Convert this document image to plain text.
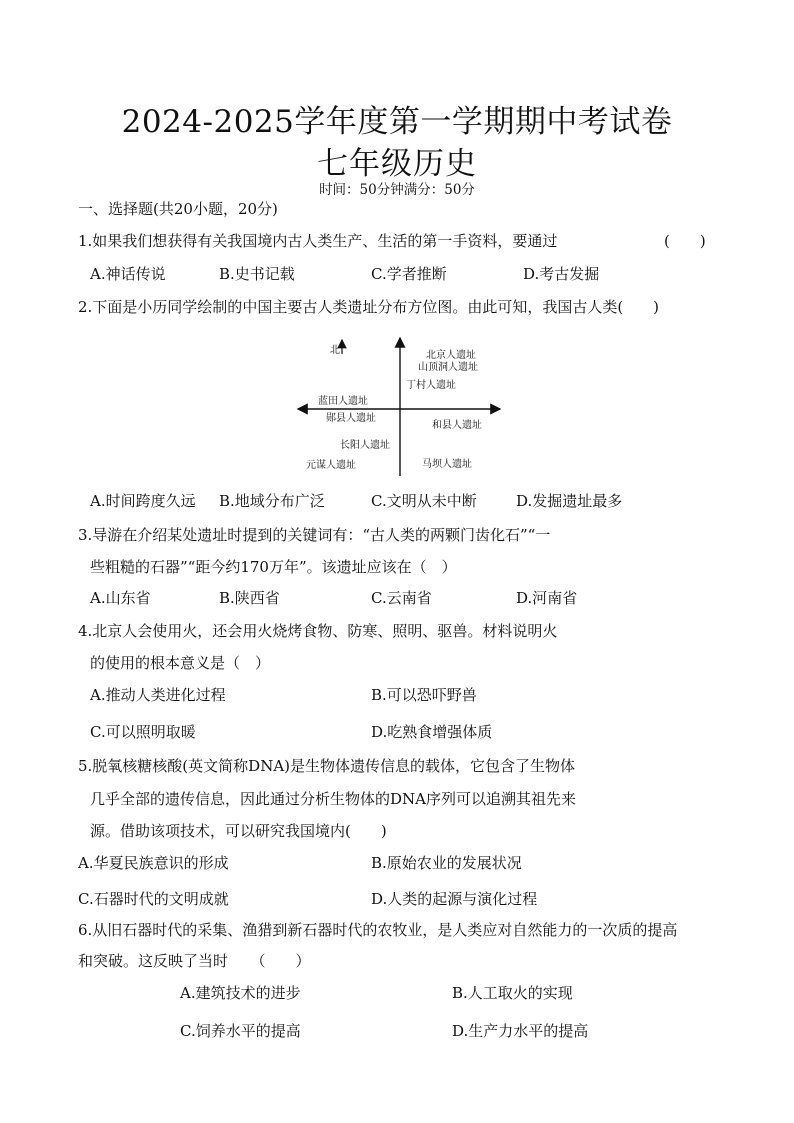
2024-2025学年度第一学期期中考试卷
七年级历史
时间：50分钟满分：50分
一、选择题(共20小题，20分)
1.如果我们想获得有关我国境内古人类生产、生活的第一手资料，要通过	(　　)
A.神话传说	B.史书记载	C.学者推断	D.考古发掘
2.下面是小历同学绘制的中国主要古人类遗址分布方位图。由此可知，我国古人类(　　)
北	北京人遗址
山顶洞人遗址
丁村人遗址
蓝田人遗址
郧县人遗址
和县人遗址
长阳人遗址
元谋人遗址	马坝人遗址
A.时间跨度久远 B.地域分布广泛	C.文明从未中断	D.发掘遗址最多
3.导游在介绍某处遗址时提到的关键词有：“古人类的两颗门齿化石”“一
些粗糙的石器”“距今约170万年”。该遗址应该在（　）
A.山东省	B.陕西省	C.云南省	D.河南省
4.北京人会使用火，还会用火烧烤食物、防寒、照明、驱兽。材料说明火
的使用的根本意义是（　）
A.推动人类进化过程	B.可以恐吓野兽
C.可以照明取暖	D.吃熟食增强体质
5.脱氧核糖核酸(英文简称DNA)是生物体遗传信息的载体，它包含了生物体
几乎全部的遗传信息，因此通过分析生物体的DNA序列可以追溯其祖先来
源。借助该项技术，可以研究我国境内(　　)
A.华夏民族意识的形成	B.原始农业的发展状况
C.石器时代的文明成就	D.人类的起源与演化过程
6.从旧石器时代的采集、渔猎到新石器时代的农牧业，是人类应对自然能力的一次质的提高
和突破。这反映了当时　　（　　）
A.建筑技术的进步	B.人工取火的实现
C.饲养水平的提高	D.生产力水平的提高
